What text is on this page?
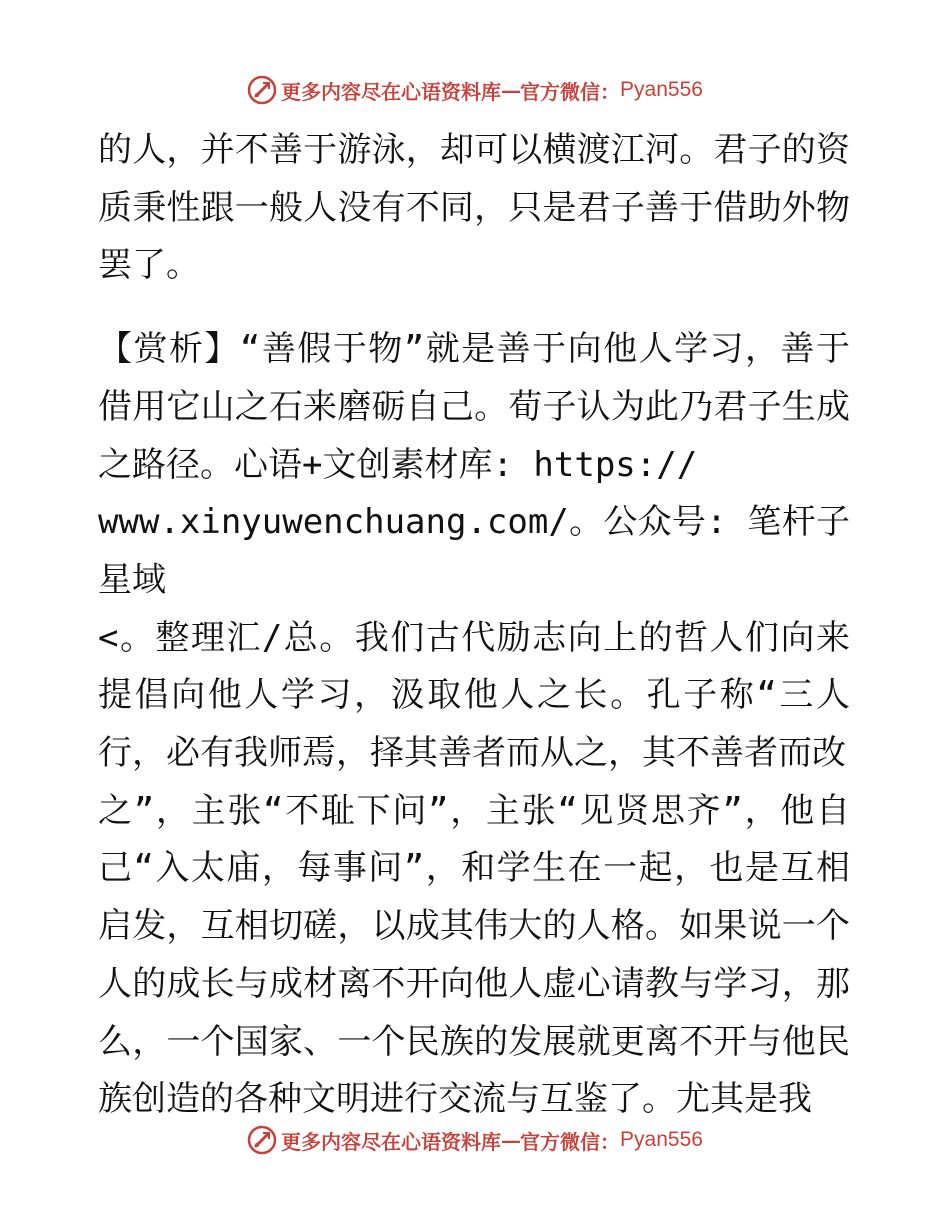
更多内容尽在心语资料库 — 官方微信： Pyan556

的人，并不善于游泳，却可以横渡江河。君子的资质秉性跟一般人没有不同，只是君子善于借助外物罢了。

【赏析】“善假于物”就是善于向他人学习，善于借用它山之石来磨砺自己。荀子认为此乃君子生成之路径。心语+文创素材库: https://
www.xinyuwenchuang.com/。公众号: 笔杆子星域
<。整理汇/总。我们古代励志向上的哲人们向来提倡向他人学习，汲取他人之长。孔子称“三人行，必有我师焉，择其善者而从之，其不善者而改
之”，主张“不耻下问”，主张“见贤思齐”，他自己“入太庙，每事问”，和学生在一起，也是互相启发，互相切磋，以成其伟大的人格。如果说一个人的成长与成材离不开向他人虚心请教与学习，那么，一个国家、一个民族的发展就更离不开与他民族创造的各种文明进行交流与互鉴了。尤其是我

更多内容尽在心语资料库 — 官方微信： Pyan556
